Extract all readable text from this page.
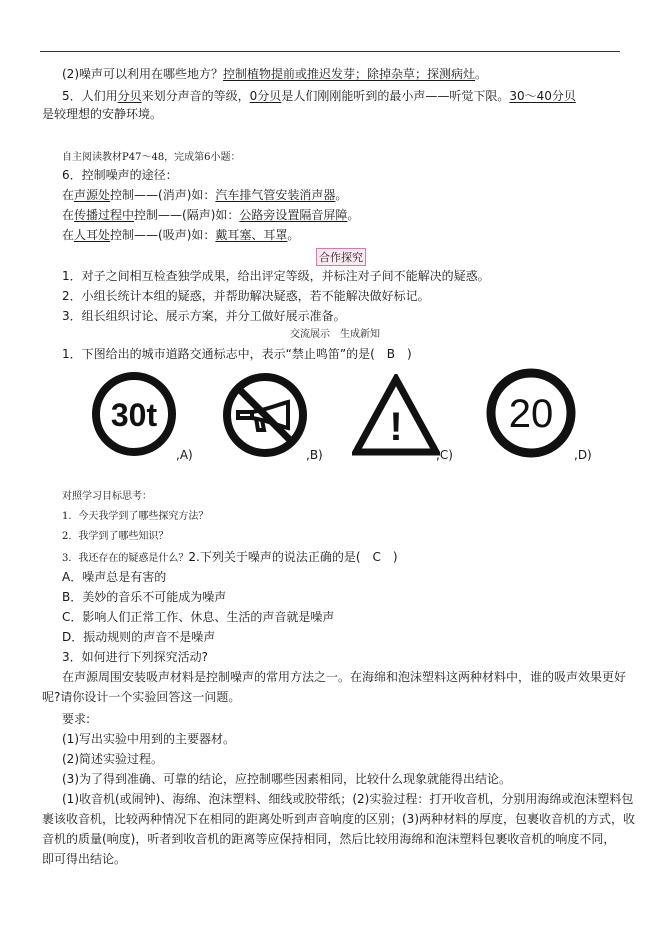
(2)噪声可以利用在哪些地方？控制植物提前或推迟发芽；除掉杂草；探测病灶。
5．人们用分贝来划分声音的等级，0分贝是人们刚刚能听到的最小声——听觉下限。30～40分贝
是较理想的安静环境。
自主阅读教材P47～48，完成第6小题：
6．控制噪声的途径：
在声源处控制——(消声)如：汽车排气管安装消声器。
在传播过程中控制——(隔声)如：公路旁设置隔音屏障。
在人耳处控制——(吸声)如：戴耳塞、耳罩。
合作探究
1．对子之间相互检查独学成果，给出评定等级，并标注对子间不能解决的疑惑。
2．小组长统计本组的疑惑，并帮助解决疑惑，若不能解决做好标记。
3．组长组织讨论、展示方案，并分工做好展示准备。
交流展示　生成新知
1．下图给出的城市道路交通标志中，表示“禁止鸣笛”的是(　B　)
30t
,A)	,B)
!
,C)
20
,D)
对照学习目标思考：
1．今天我学到了哪些探究方法？
2．我学到了哪些知识？
3．我还存在的疑惑是什么？2.下列关于噪声的说法正确的是(　C　)
A．噪声总是有害的
B．美妙的音乐不可能成为噪声
C．影响人们正常工作、休息、生活的声音就是噪声
D．振动规则的声音不是噪声
3．如何进行下列探究活动?
在声源周围安装吸声材料是控制噪声的常用方法之一。在海绵和泡沫塑料这两种材料中，谁的吸声效果更好
呢?请你设计一个实验回答这一问题。
要求:
(1)写出实验中用到的主要器材。
(2)简述实验过程。
(3)为了得到准确、可靠的结论，应控制哪些因素相同，比较什么现象就能得出结论。
(1)收音机(或闹钟)、海绵、泡沫塑料、细线或胶带纸；(2)实验过程：打开收音机，分别用海绵或泡沫塑料包
裹该收音机，比较两种情况下在相同的距离处听到声音响度的区别；(3)两种材料的厚度，包裹收音机的方式，收
音机的质量(响度)，听者到收音机的距离等应保持相同，然后比较用海绵和泡沫塑料包裹收音机的响度不同，
即可得出结论。
